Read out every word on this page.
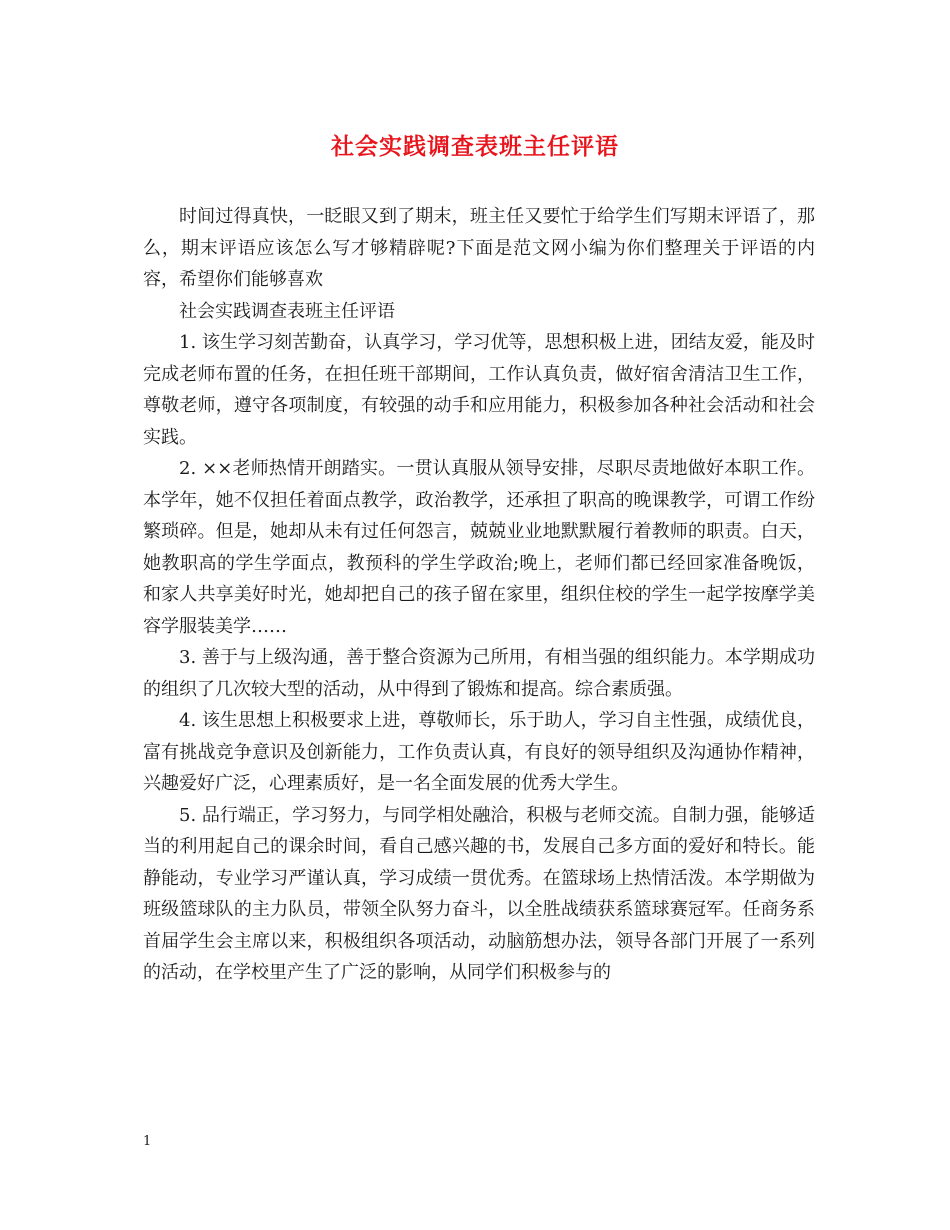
社会实践调查表班主任评语

时间过得真快，一眨眼又到了期末，班主任又要忙于给学生们写期末评语了，那么，期末评语应该怎么写才够精辟呢?下面是范文网小编为你们整理关于评语的内容，希望你们能够喜欢

社会实践调查表班主任评语

1. 该生学习刻苦勤奋，认真学习，学习优等，思想积极上进，团结友爱，能及时完成老师布置的任务，在担任班干部期间，工作认真负责，做好宿舍清洁卫生工作，尊敬老师，遵守各项制度，有较强的动手和应用能力，积极参加各种社会活动和社会实践。

2. ××老师热情开朗踏实。一贯认真服从领导安排，尽职尽责地做好本职工作。本学年，她不仅担任着面点教学，政治教学，还承担了职高的晚课教学，可谓工作纷繁琐碎。但是，她却从未有过任何怨言，兢兢业业地默默履行着教师的职责。白天，她教职高的学生学面点，教预科的学生学政治;晚上，老师们都已经回家准备晚饭，和家人共享美好时光，她却把自己的孩子留在家里，组织住校的学生一起学按摩学美容学服装美学……

3. 善于与上级沟通，善于整合资源为己所用，有相当强的组织能力。本学期成功的组织了几次较大型的活动，从中得到了锻炼和提高。综合素质强。

4. 该生思想上积极要求上进，尊敬师长，乐于助人，学习自主性强，成绩优良，富有挑战竞争意识及创新能力，工作负责认真，有良好的领导组织及沟通协作精神，兴趣爱好广泛，心理素质好，是一名全面发展的优秀大学生。

5. 品行端正，学习努力，与同学相处融洽，积极与老师交流。自制力强，能够适当的利用起自己的课余时间，看自己感兴趣的书，发展自己多方面的爱好和特长。能静能动，专业学习严谨认真，学习成绩一贯优秀。在篮球场上热情活泼。本学期做为班级篮球队的主力队员，带领全队努力奋斗，以全胜战绩获系篮球赛冠军。任商务系首届学生会主席以来，积极组织各项活动，动脑筋想办法，领导各部门开展了一系列的活动，在学校里产生了广泛的影响，从同学们积极参与的

1
